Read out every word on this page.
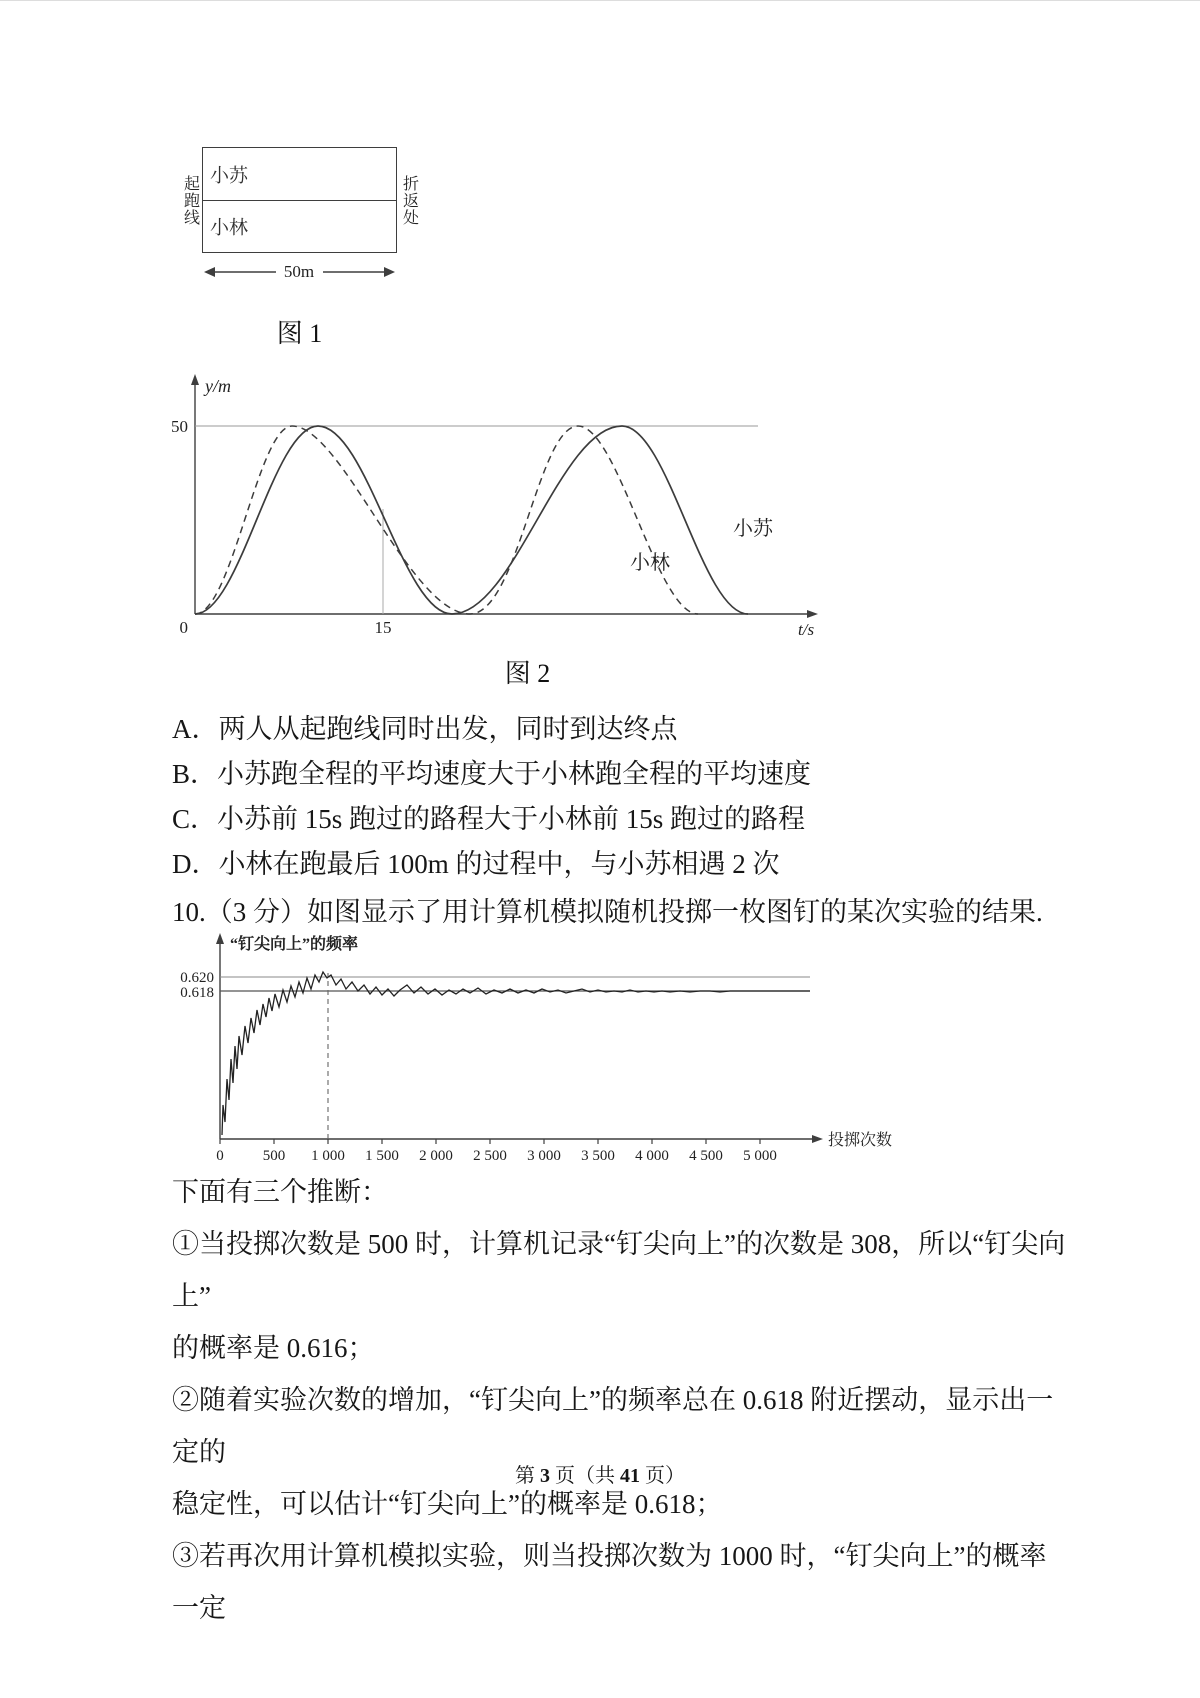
起跑线 小苏
小林
折返处
50m
图 1
y/m
50
0	15	t/s
小苏
小林
图 2
A．两人从起跑线同时出发，同时到达终点
B．小苏跑全程的平均速度大于小林跑全程的平均速度
C．小苏前 15s 跑过的路程大于小林前 15s 跑过的路程
D．小林在跑最后 100m 的过程中，与小苏相遇 2 次
10.（3 分）如图显示了用计算机模拟随机投掷一枚图钉的某次实验的结果.
“钉尖向上”的频率
0.620
0.618
0	500 1 000 1 500 2 000 2 500 3 000 3 500 4 000 4 500 5 000
投掷次数
下面有三个推断：
①当投掷次数是 500 时，计算机记录“钉尖向上”的次数是 308，所以“钉尖向上”
的概率是 0.616；
②随着实验次数的增加，“钉尖向上”的频率总在 0.618 附近摆动，显示出一定的
稳定性，可以估计“钉尖向上”的概率是 0.618；
③若再次用计算机模拟实验，则当投掷次数为 1000 时，“钉尖向上”的概率一定
第 3 页（共 41 页）
